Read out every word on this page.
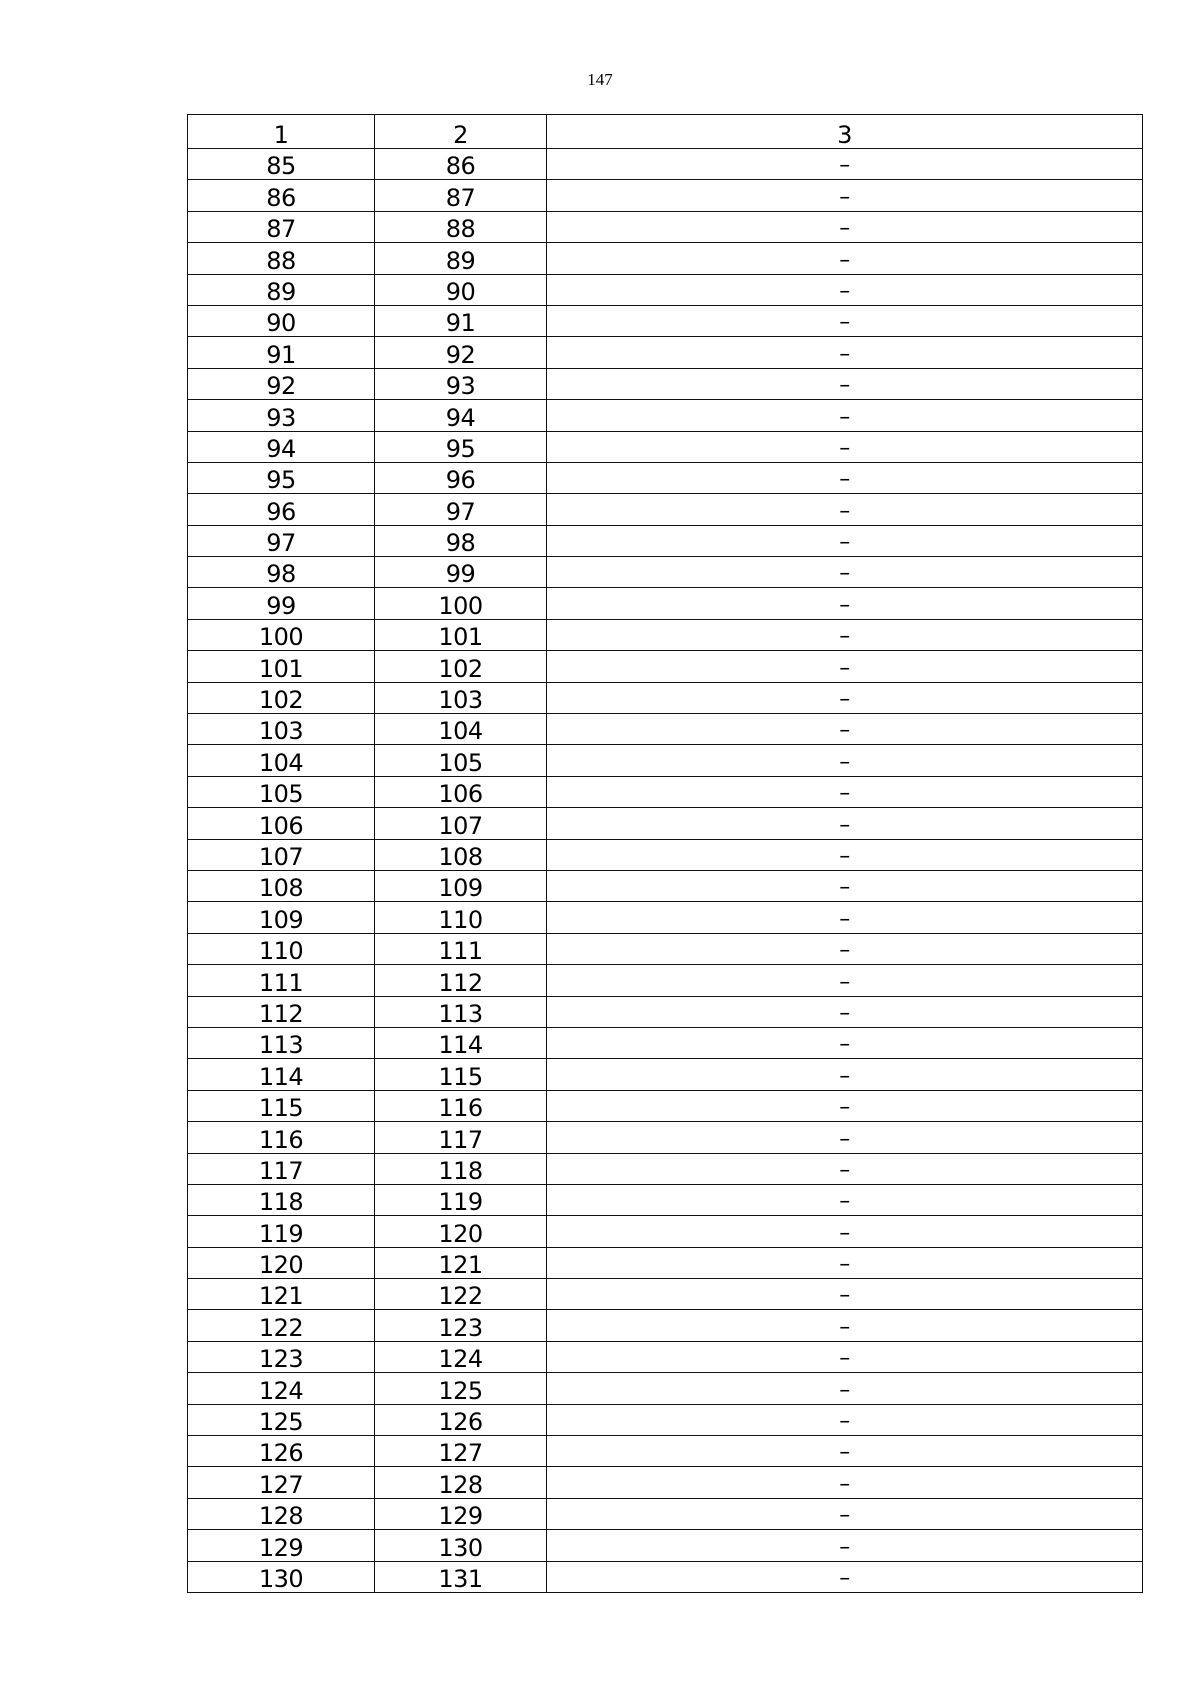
147
1	2	3
85	86	–
86	87	–
87	88	–
88	89	–
89	90	–
90	91	–
91	92	–
92	93	–
93	94	–
94	95	–
95	96	–
96	97	–
97	98	–
98	99	–
99	100	–
100	101	–
101	102	–
102	103	–
103	104	–
104	105	–
105	106	–
106	107	–
107	108	–
108	109	–
109	110	–
110	111	–
111	112	–
112	113	–
113	114	–
114	115	–
115	116	–
116	117	–
117	118	–
118	119	–
119	120	–
120	121	–
121	122	–
122	123	–
123	124	–
124	125	–
125	126	–
126	127	–
127	128	–
128	129	–
129	130	–
130	131	–
